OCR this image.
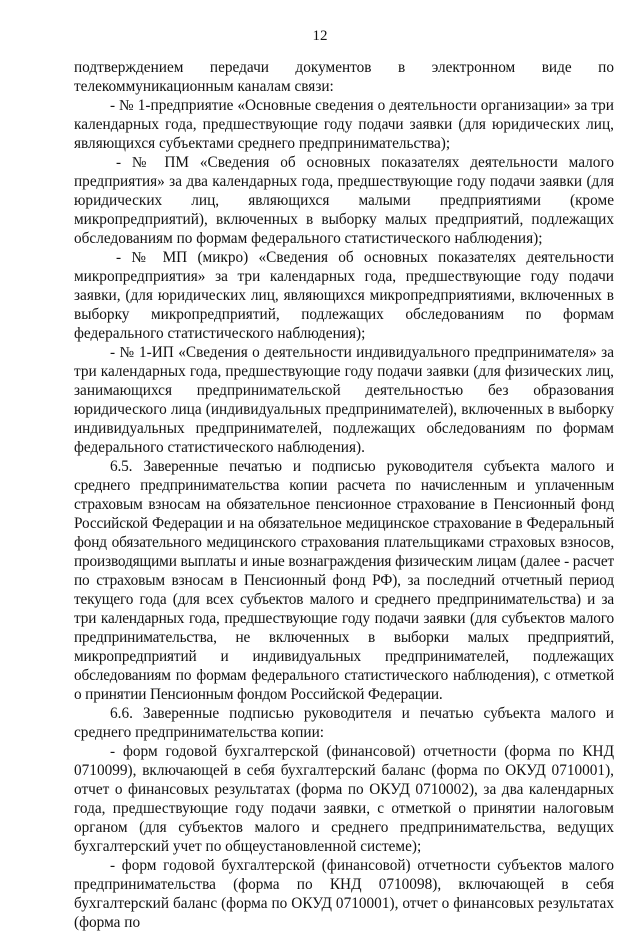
12

подтверждением передачи документов в электронном виде по телекоммуникационным каналам связи:

- № 1-предприятие «Основные сведения о деятельности организации» за три календарных года, предшествующие году подачи заявки (для юридических лиц, являющихся субъектами среднего предпринимательства);

- № ПМ «Сведения об основных показателях деятельности малого предприятия» за два календарных года, предшествующие году подачи заявки (для юридических лиц, являющихся малыми предприятиями (кроме микропредприятий), включенных в выборку малых предприятий, подлежащих обследованиям по формам федерального статистического наблюдения);

- № МП (микро) «Сведения об основных показателях деятельности микропредприятия» за три календарных года, предшествующие году подачи заявки, (для юридических лиц, являющихся микропредприятиями, включенных в выборку микропредприятий, подлежащих обследованиям по формам федерального статистического наблюдения);

- № 1-ИП «Сведения о деятельности индивидуального предпринимателя» за три календарных года, предшествующие году подачи заявки (для физических лиц, занимающихся предпринимательской деятельностью без образования юридического лица (индивидуальных предпринимателей), включенных в выборку индивидуальных предпринимателей, подлежащих обследованиям по формам федерального статистического наблюдения).

6.5. Заверенные печатью и подписью руководителя субъекта малого и среднего предпринимательства копии расчета по начисленным и уплаченным страховым взносам на обязательное пенсионное страхование в Пенсионный фонд Российской Федерации и на обязательное медицинское страхование в Федеральный фонд обязательного медицинского страхования плательщиками страховых взносов, производящими выплаты и иные вознаграждения физическим лицам (далее - расчет по страховым взносам в Пенсионный фонд РФ), за последний отчетный период текущего года (для всех субъектов малого и среднего предпринимательства) и за три календарных года, предшествующие году подачи заявки (для субъектов малого предпринимательства, не включенных в выборки малых предприятий, микропредприятий и индивидуальных предпринимателей, подлежащих обследованиям по формам федерального статистического наблюдения), с отметкой о принятии Пенсионным фондом Российской Федерации.

6.6. Заверенные подписью руководителя и печатью субъекта малого и среднего предпринимательства копии:

- форм годовой бухгалтерской (финансовой) отчетности (форма по КНД 0710099), включающей в себя бухгалтерский баланс (форма по ОКУД 0710001), отчет о финансовых результатах (форма по ОКУД 0710002), за два календарных года, предшествующие году подачи заявки, с отметкой о принятии налоговым органом (для субъектов малого и среднего предпринимательства, ведущих бухгалтерский учет по общеустановленной системе);

- форм годовой бухгалтерской (финансовой) отчетности субъектов малого предпринимательства (форма по КНД 0710098), включающей в себя бухгалтерский баланс (форма по ОКУД 0710001), отчет о финансовых результатах (форма по
